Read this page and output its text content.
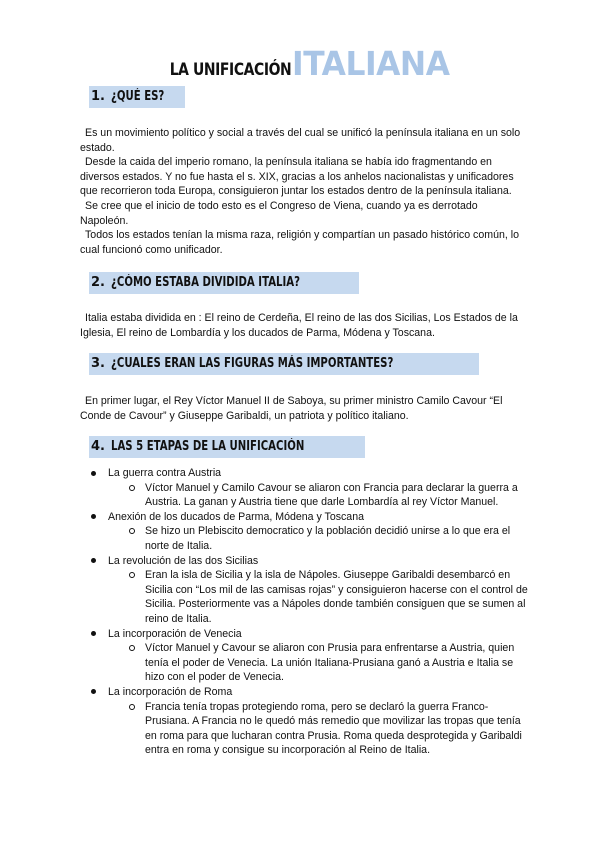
LA UNIFICACIÓN ITALIANA
1. ¿QUÉ ES?

Es un movimiento político y social a través del cual se unificó la península italiana en un solo estado.

Desde la caida del imperio romano, la península italiana se había ido fragmentando en diversos estados. Y no fue hasta el s. XIX, gracias a los anhelos nacionalistas y unificadores que recorrieron toda Europa, consiguieron juntar los estados dentro de la península italiana.

Se cree que el inicio de todo esto es el Congreso de Viena, cuando ya es derrotado Napoleón.

Todos los estados tenían la misma raza, religión y compartían un pasado histórico común, lo cual funcionó como unificador.

2. ¿CÓMO ESTABA DIVIDIDA ITALIA?

Italia estaba dividida en : El reino de Cerdeña, El reino de las dos Sicilias, Los Estados de la Iglesia, El reino de Lombardía y los ducados de Parma, Módena y Toscana.

3. ¿CUALES ERAN LAS FIGURAS MÁS IMPORTANTES?

En primer lugar, el Rey Víctor Manuel II de Saboya, su primer ministro Camilo Cavour “El Conde de Cavour” y Giuseppe Garibaldi, un patriota y político italiano.

4. LAS 5 ETAPAS DE LA UNIFICACIÓN
La guerra contra Austria
Víctor Manuel y Camilo Cavour se aliaron con Francia para declarar la guerra a Austria. La ganan y Austria tiene que darle Lombardía al rey Víctor Manuel.
Anexión de los ducados de Parma, Módena y Toscana
Se hizo un Plebiscito democratico y la población decidió unirse a lo que era el norte de Italia.
La revolución de las dos Sicilias
Eran la isla de Sicilia y la isla de Nápoles. Giuseppe Garibaldi desembarcó en Sicilia con “Los mil de las camisas rojas” y consiguieron hacerse con el control de Sicilia. Posteriormente vas a Nápoles donde también consiguen que se sumen al reino de Italia.
La incorporación de Venecia
Víctor Manuel y Cavour se aliaron con Prusia para enfrentarse a Austria, quien tenía el poder de Venecia. La unión Italiana-Prusiana ganó a Austria e Italia se hizo con el poder de Venecia.
La incorporación de Roma
Francia tenía tropas protegiendo roma, pero se declaró la guerra Franco-Prusiana. A Francia no le quedó más remedio que movilizar las tropas que tenía en roma para que lucharan contra Prusia. Roma queda desprotegida y Garibaldi entra en roma y consigue su incorporación al Reino de Italia.
